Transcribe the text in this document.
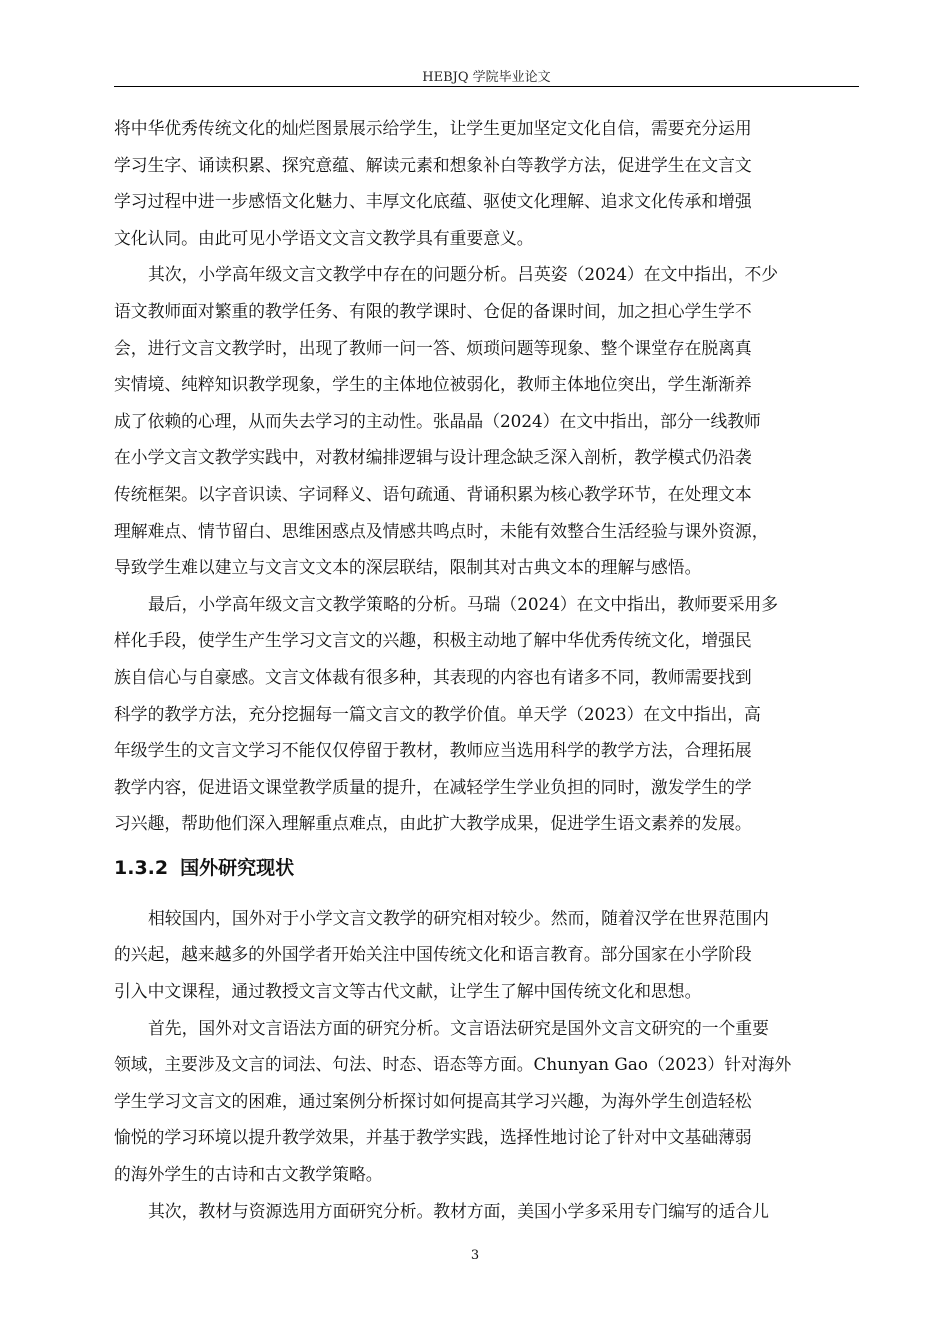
HEBJQ 学院毕业论文
将中华优秀传统文化的灿烂图景展示给学生，让学生更加坚定文化自信，需要充分运用
学习生字、诵读积累、探究意蕴、解读元素和想象补白等教学方法，促进学生在文言文
学习过程中进一步感悟文化魅力、丰厚文化底蕴、驱使文化理解、追求文化传承和增强
文化认同。由此可见小学语文文言文教学具有重要意义。
其次，小学高年级文言文教学中存在的问题分析。吕英姿（2024）在文中指出，不少
语文教师面对繁重的教学任务、有限的教学课时、仓促的备课时间，加之担心学生学不
会，进行文言文教学时，出现了教师一问一答、烦琐问题等现象、整个课堂存在脱离真
实情境、纯粹知识教学现象，学生的主体地位被弱化，教师主体地位突出，学生渐渐养
成了依赖的心理，从而失去学习的主动性。张晶晶（2024）在文中指出，部分一线教师
在小学文言文教学实践中，对教材编排逻辑与设计理念缺乏深入剖析，教学模式仍沿袭
传统框架。以字音识读、字词释义、语句疏通、背诵积累为核心教学环节，在处理文本
理解难点、情节留白、思维困惑点及情感共鸣点时，未能有效整合生活经验与课外资源，
导致学生难以建立与文言文文本的深层联结，限制其对古典文本的理解与感悟。
最后，小学高年级文言文教学策略的分析。马瑞（2024）在文中指出，教师要采用多
样化手段，使学生产生学习文言文的兴趣，积极主动地了解中华优秀传统文化，增强民
族自信心与自豪感。文言文体裁有很多种，其表现的内容也有诸多不同，教师需要找到
科学的教学方法，充分挖掘每一篇文言文的教学价值。单天学（2023）在文中指出，高
年级学生的文言文学习不能仅仅停留于教材，教师应当选用科学的教学方法，合理拓展
教学内容，促进语文课堂教学质量的提升，在减轻学生学业负担的同时，激发学生的学
习兴趣，帮助他们深入理解重点难点，由此扩大教学成果，促进学生语文素养的发展。
1.3.2 国外研究现状
相较国内，国外对于小学文言文教学的研究相对较少。然而，随着汉学在世界范围内
的兴起，越来越多的外国学者开始关注中国传统文化和语言教育。部分国家在小学阶段
引入中文课程，通过教授文言文等古代文献，让学生了解中国传统文化和思想。
首先，国外对文言语法方面的研究分析。文言语法研究是国外文言文研究的一个重要
领域，主要涉及文言的词法、句法、时态、语态等方面。Chunyan Gao（2023）针对海外
学生学习文言文的困难，通过案例分析探讨如何提高其学习兴趣，为海外学生创造轻松
愉悦的学习环境以提升教学效果，并基于教学实践，选择性地讨论了针对中文基础薄弱
的海外学生的古诗和古文教学策略。
其次，教材与资源选用方面研究分析。教材方面，美国小学多采用专门编写的适合儿
3
